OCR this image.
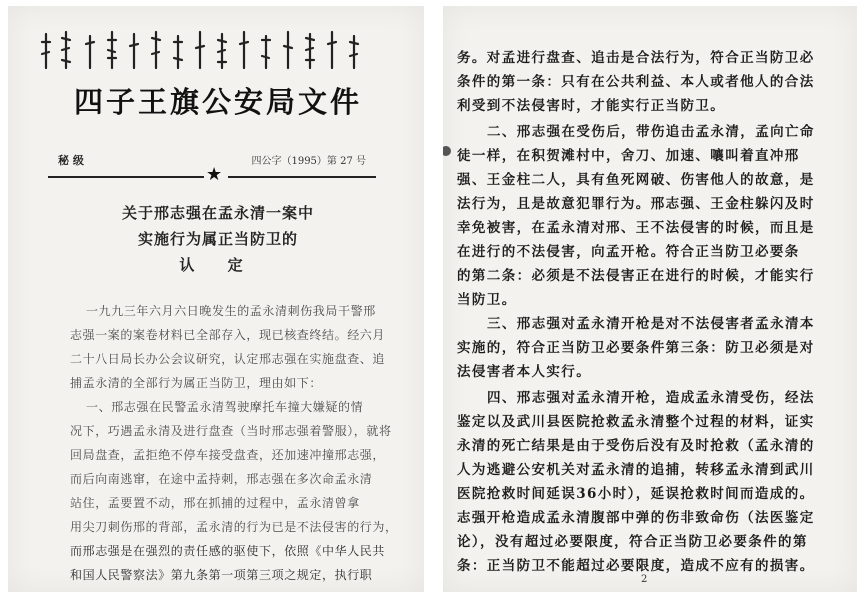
四子王旗公安局文件
秘 级	四公字（1995）第 27 号
★
关于邢志强在孟永清一案中
实施行为属正当防卫的
认 定
一九九三年六月六日晚发生的孟永清刺伤我局干警邢
志强一案的案卷材料已全部存入，现已核查终结。经六月
二十八日局长办公会议研究，认定邢志强在实施盘查、追
捕孟永清的全部行为属正当防卫，理由如下：
一、邢志强在民警孟永清驾驶摩托车撞大嫌疑的情
况下，巧遇孟永清及进行盘查（当时邢志强着警服），就将
回局盘查，孟拒绝不停车接受盘查，还加速冲撞邢志强，
而后向南逃窜，在途中孟持刺，邢志强在多次命孟永清
站住，孟要置不动，邢在抓捕的过程中，孟永清曾拿
用尖刀刺伤邢的背部，孟永清的行为已是不法侵害的行为，
而邢志强是在强烈的责任感的驱使下，依照《中华人民共
和国人民警察法》第九条第一项第三项之规定，执行职
务。对孟进行盘查、追击是合法行为，符合正当防卫必
条件的第一条：只有在公共利益、本人或者他人的合法
利受到不法侵害时，才能实行正当防卫。
二、邢志强在受伤后，带伤追击孟永清，孟向亡命
徒一样，在积贺滩村中，舍刀、加速、嚷叫着直冲邢
强、王金柱二人，具有鱼死网破、伤害他人的故意，是
法行为，且是故意犯罪行为。邢志强、王金柱躲闪及时
幸免被害，在孟永清对邢、王不法侵害的时候，而且是
在进行的不法侵害，向孟开枪。符合正当防卫必要条
的第二条：必须是不法侵害正在进行的时候，才能实行
当防卫。
三、邢志强对孟永清开枪是对不法侵害者孟永清本
实施的，符合正当防卫必要条件第三条：防卫必须是对
法侵害者本人实行。
四、邢志强对孟永清开枪，造成孟永清受伤，经法
鉴定以及武川县医院抢救孟永清整个过程的材料，证实
永清的死亡结果是由于受伤后没有及时抢救（孟永清的
人为逃避公安机关对孟永清的追捕，转移孟永清到武川
医院抢救时间延误36小时），延误抢救时间而造成的。
志强开枪造成孟永清腹部中弹的伤非致命伤（法医鉴定
论），没有超过必要限度，符合正当防卫必要条件的第
条：正当防卫不能超过必要限度，造成不应有的损害。
2
